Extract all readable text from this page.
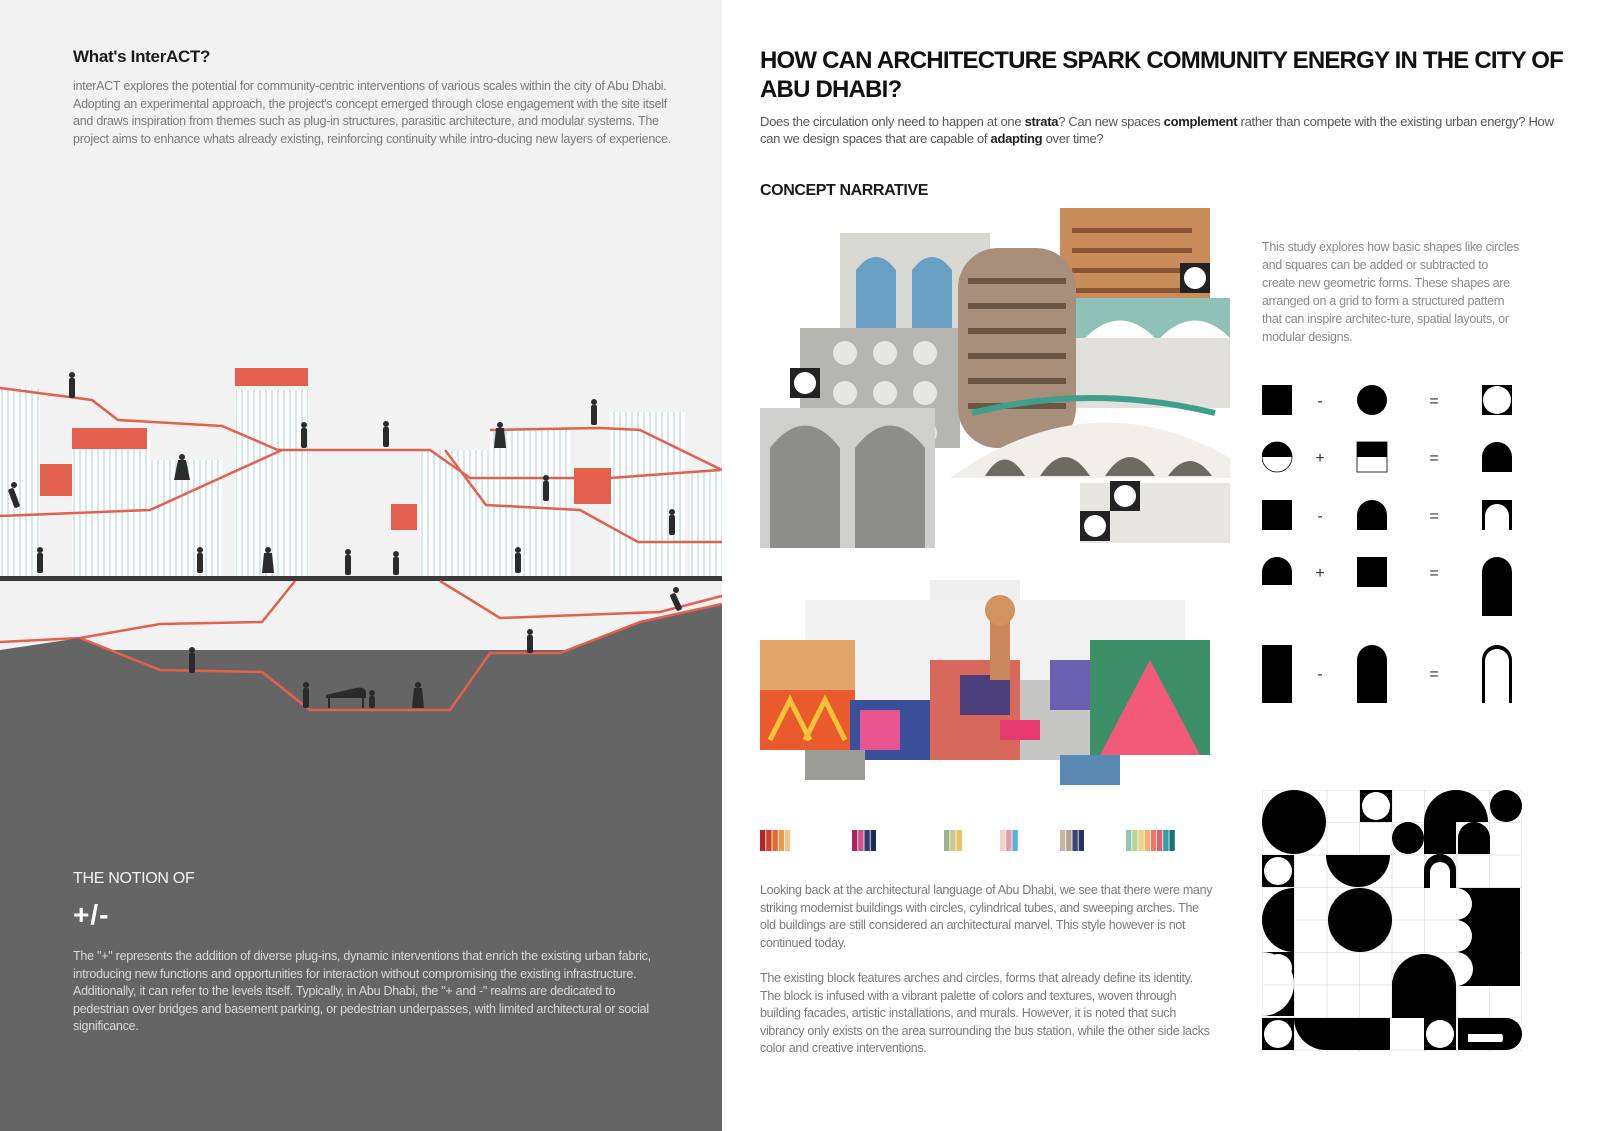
What's InterACT?
interACT explores the potential for community-centric interventions of various scales within the city of Abu Dhabi. Adopting an experimental approach, the project's concept emerged through close engagement with the site itself and draws inspiration from themes such as plug-in structures, parasitic architecture, and modular systems. The project aims to enhance whats already existing, reinforcing continuity while intro-ducing new layers of experience.
THE NOTION OF
+/-
The "+" represents the addition of diverse plug-ins, dynamic interventions that enrich the existing urban fabric, introducing new functions and opportunities for interaction without compromising the existing infrastructure. Additionally, it can refer to the levels itself. Typically, in Abu Dhabi, the "+ and -" realms are dedicated to pedestrian over bridges and basement parking, or pedestrian underpasses, with limited architectural or social significance.
HOW CAN ARCHITECTURE SPARK COMMUNITY ENERGY IN THE CITY OF ABU DHABI?
Does the circulation only need to happen at one strata? Can new spaces complement rather than compete with the existing urban energy? How can we design spaces that are capable of adapting over time?
CONCEPT NARRATIVE
This study explores how basic shapes like circles and squares can be added or subtracted to create new geometric forms. These shapes are arranged on a grid to form a structured pattern that can inspire architec-ture, spatial layouts, or modular designs.
-	=
+	=
-	=
+	=
-	=
Looking back at the architectural language of Abu Dhabi, we see that there were many striking modernist buildings with circles, cylindrical tubes, and sweeping arches. The old buildings are still considered an architectural marvel. This style however is not continued today.
The existing block features arches and circles, forms that already define its identity. The block is infused with a vibrant palette of colors and textures, woven through building facades, artistic installations, and murals. However, it is noted that such vibrancy only exists on the area surrounding the bus station, while the other side lacks color and creative interventions.
